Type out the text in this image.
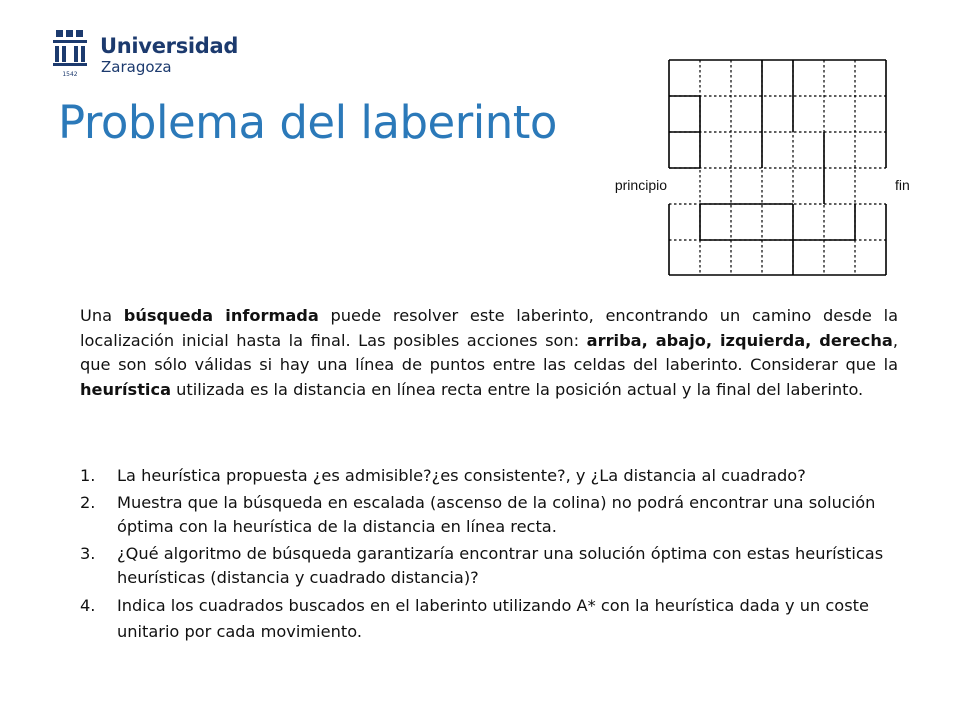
1542
Universidad
Zaragoza
Problema del laberinto
principio	fin

Una búsqueda informada puede resolver este laberinto, encontrando un camino desde la localización inicial hasta la final. Las posibles acciones son: arriba, abajo, izquierda, derecha, que son sólo válidas si hay una línea de puntos entre las celdas del laberinto. Considerar que la heurística utilizada es la distancia en línea recta entre la posición actual y la final del laberinto.

1. La heurística propuesta ¿es admisible?¿es consistente?, y ¿La distancia al cuadrado?
2. Muestra que la búsqueda en escalada (ascenso de la colina) no podrá encontrar una solución óptima con la heurística de la distancia en línea recta.
3. ¿Qué algoritmo de búsqueda garantizaría encontrar una solución óptima con estas heurísticas heurísticas (distancia y cuadrado distancia)?
4. Indica los cuadrados buscados en el laberinto utilizando A* con la heurística dada y un coste unitario por cada movimiento.
